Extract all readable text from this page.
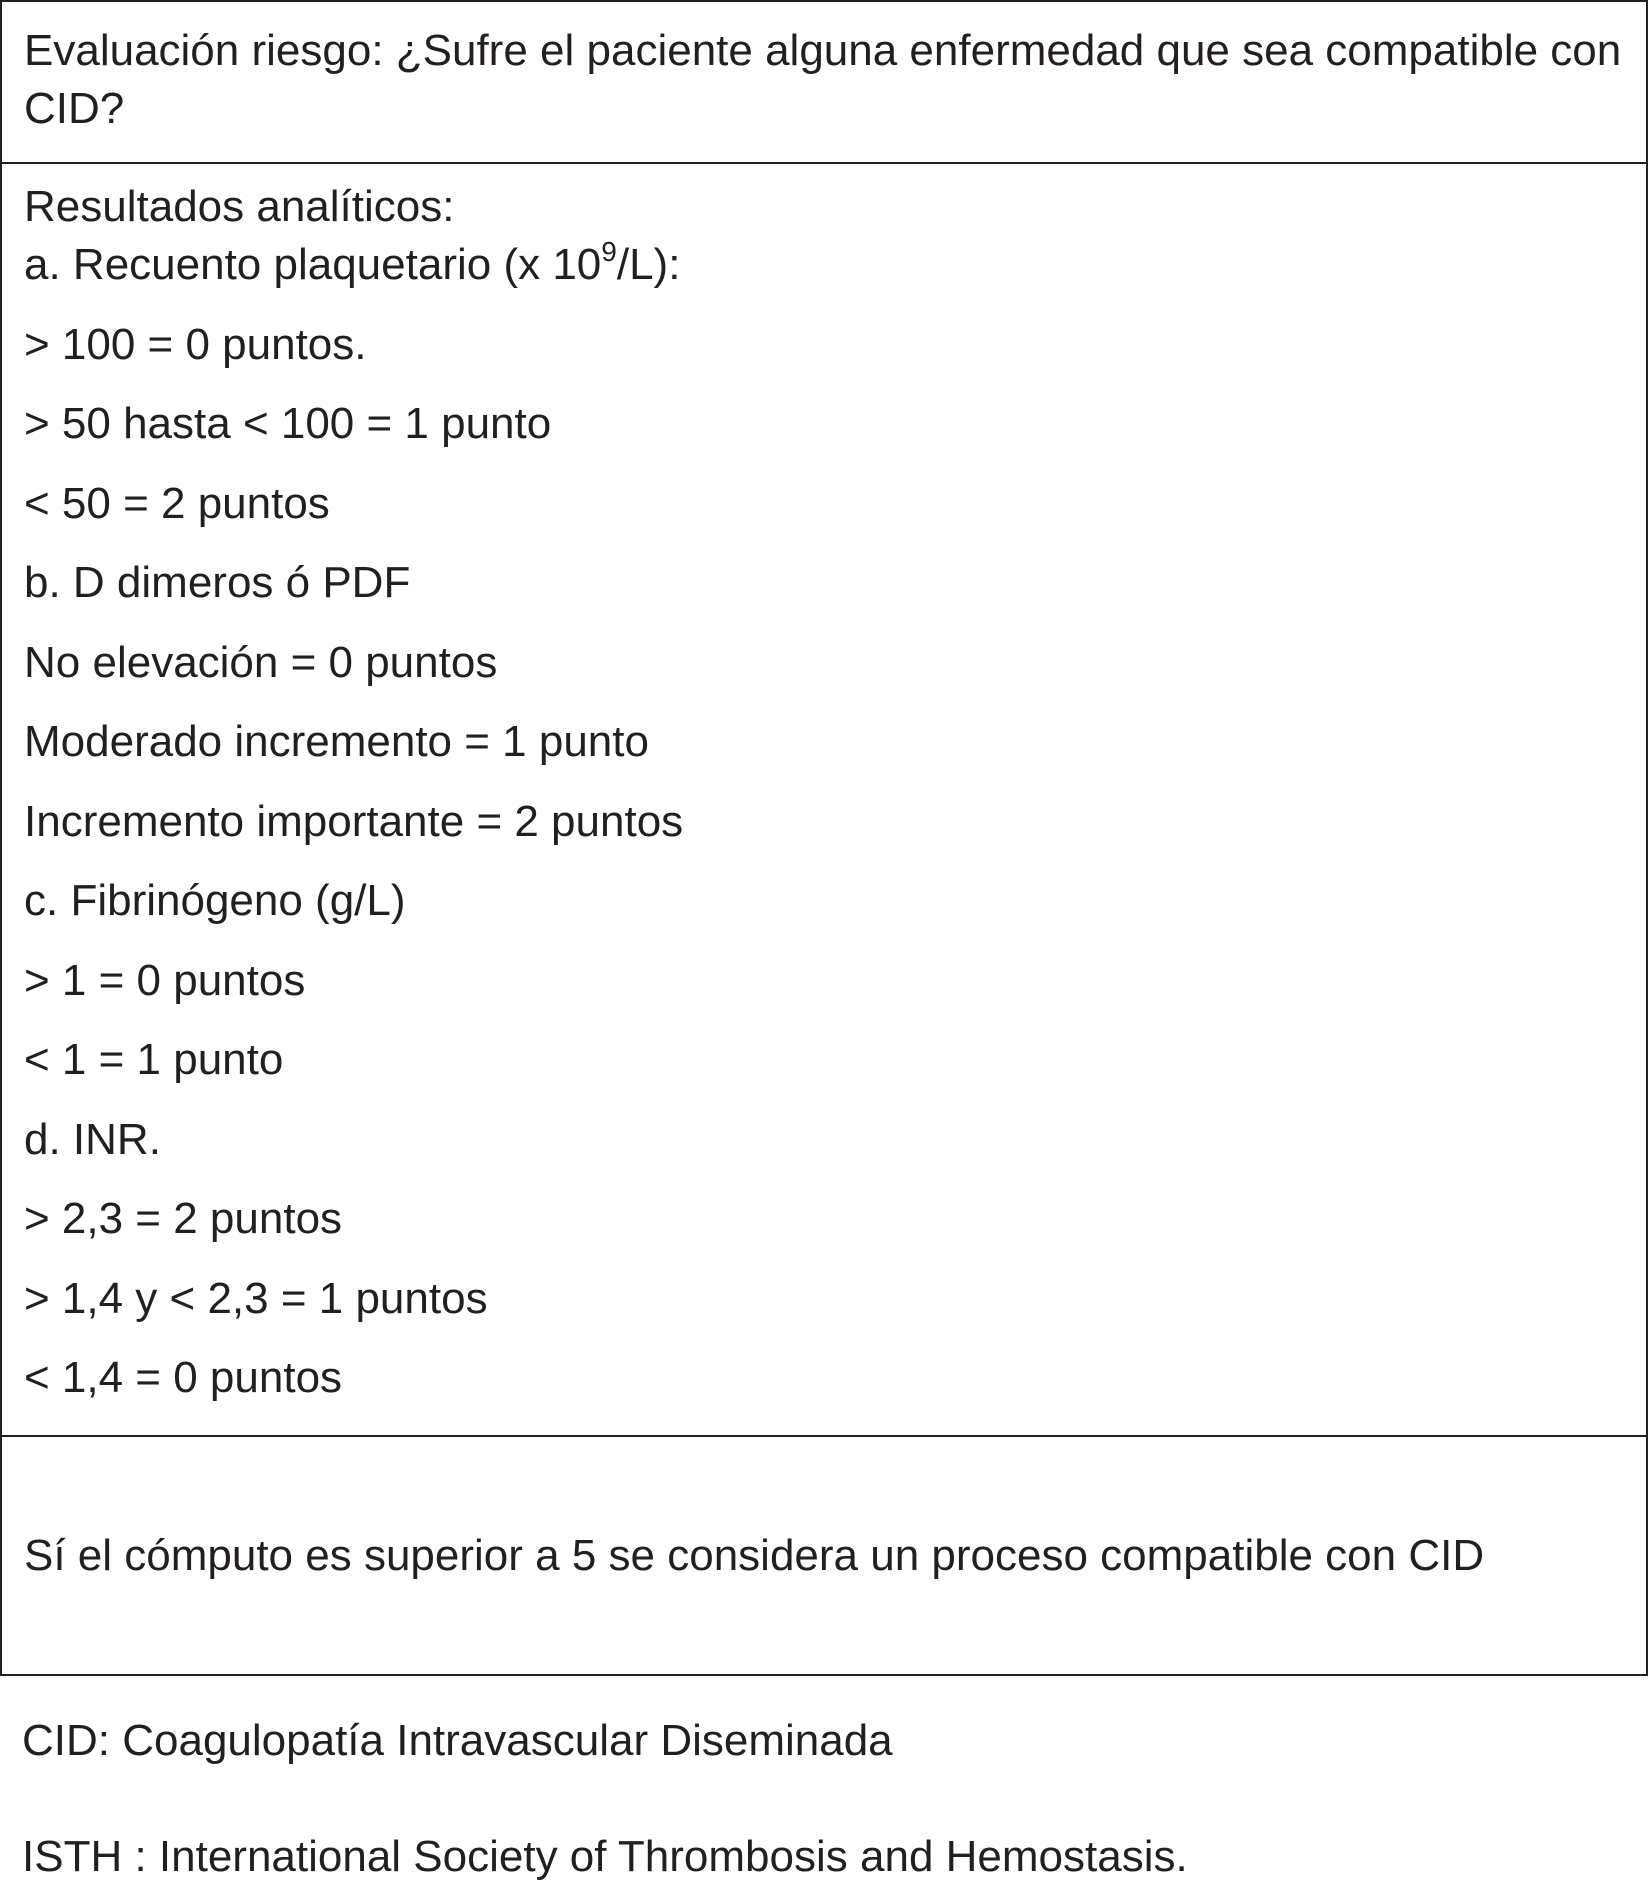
Evaluación riesgo: ¿Sufre el paciente alguna enfermedad que sea compatible con CID?
Resultados analíticos:
a. Recuento plaquetario (x $10^9/L$):
> 100 = 0 puntos.
> 50 hasta < 100 = 1 punto
< 50 = 2 puntos
b. D dimeros ó PDF
No elevación = 0 puntos
Moderado incremento = 1 punto
Incremento importante = 2 puntos
c. Fibrinógeno (g/L)
> 1 = 0 puntos
< 1 = 1 punto
d. INR.
> 2,3 = 2 puntos
> 1,4 y < 2,3 = 1 puntos
< 1,4 = 0 puntos
Sí el cómputo es superior a 5 se considera un proceso compatible con CID
CID: Coagulopatía Intravascular Diseminada
ISTH : International Society of Thrombosis and Hemostasis.
